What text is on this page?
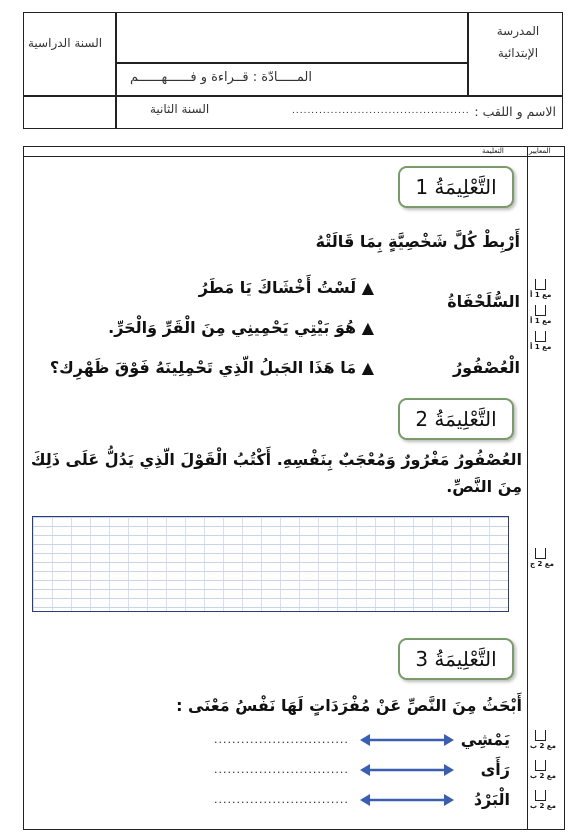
المدرسة الإبتدائية
السنة الدراسية
المـــــادّة : قــراءة و فــــــهــــــم
الاسم و اللقب :
..............................................
السنة الثانية
المعايير
التعليمة
التَّعْلِيمَةُ 1
أَرْبِطْ كُلَّ شَخْصِيَّةٍ بِمَا قَالَتْهُ
السُّلَحْفَاةُ
الْعُصْفُورُ
▲ لَسْتُ أَخْشَاكَ يَا مَطَرُ
▲ هُوَ بَيْتِي يَحْمِينِي مِنَ الْقَرِّ وَالْحَرِّ.
▲ مَا هَذَا الجَبلُ الّذِي تَحْمِلِينَهُ فَوْقَ ظَهْرِك؟
مع 1 أ
مع 1 أ
مع 1 أ
التَّعْلِيمَةُ 2
العُصْفُورُ مَغْرُورٌ وَمُعْجَبٌ بِنَفْسِهِ. أَكْتُبُ الْقَوْلَ الّذِي يَدُلُّ عَلَى ذَلِكَ
مِنَ النَّصِّ.
مع 2 ج
التَّعْلِيمَةُ 3
أَبْحَثُ مِنَ النَّصِّ عَنْ مُفْرَدَاتٍ لَهَا نَفْسُ مَعْنَى :
يَمْشِي
رَأَى
الْبَرْدُ
..............................
..............................
..............................
مع 2 ب
مع 2 ب
مع 2 ب
